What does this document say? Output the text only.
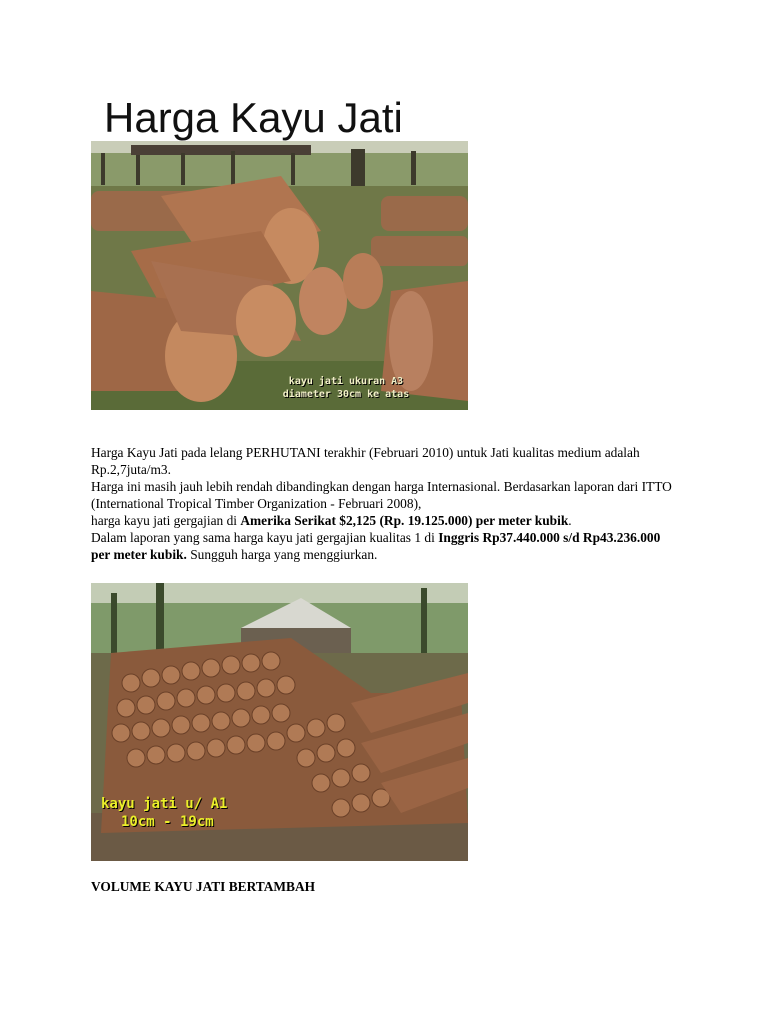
Harga Kayu Jati
kayu jati ukuran A3
diameter 30cm ke atas

Harga Kayu Jati pada lelang PERHUTANI terakhir (Februari 2010) untuk Jati kualitas medium adalah Rp.2,7juta/m3.

Harga ini masih jauh lebih rendah dibandingkan dengan harga Internasional. Berdasarkan laporan dari ITTO (International Tropical Timber Organization - Februari 2008),

harga kayu jati gergajian di Amerika Serikat $2,125 (Rp. 19.125.000) per meter kubik.

Dalam laporan yang sama harga kayu jati gergajian kualitas 1 di Inggris Rp37.440.000 s/d Rp43.236.000 per meter kubik. Sungguh harga yang menggiurkan.

kayu jati u/ A1
10cm - 19cm
VOLUME KAYU JATI BERTAMBAH
